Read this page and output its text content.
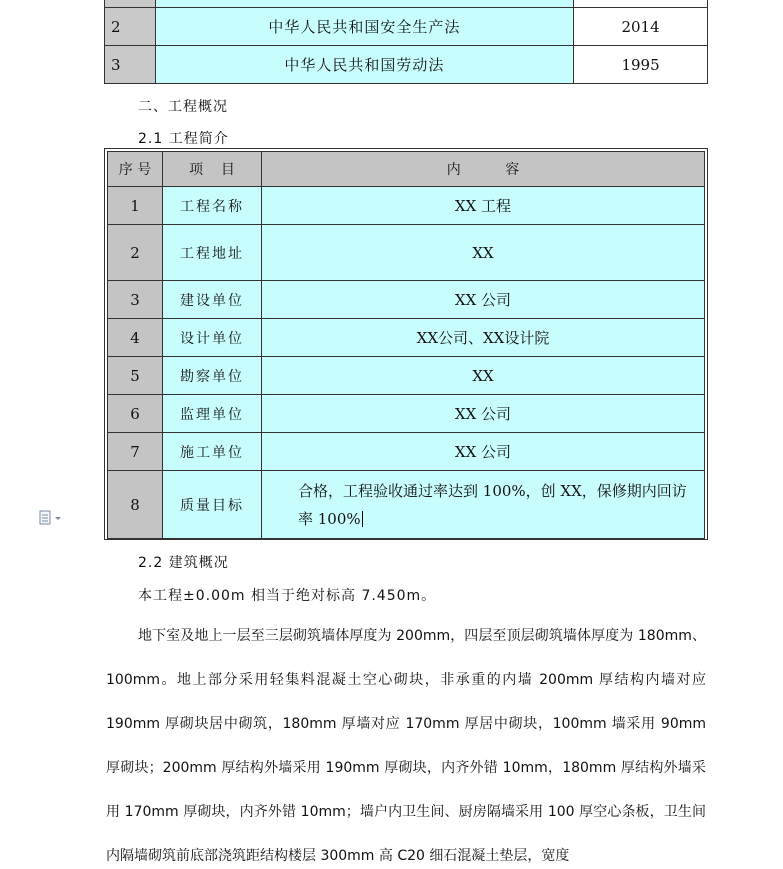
2	中华人民共和国安全生产法	2014
3	中华人民共和国劳动法	1995
二、工程概况
2.1 工程简介
序 号	项    目	内          容
1	工程名称	XX 工程
2	工程地址	XX
3	建设单位	XX 公司
4	设计单位	XX公司、XX设计院
5	勘察单位	XX
6	监理单位	XX 公司
7	施工单位	XX 公司
8	质量目标	合格，工程验收通过率达到 100%，创 XX，保修期内回访率 100%
2.2 建筑概况
本工程±0.00m 相当于绝对标高 7.450m。
地下室及地上一层至三层砌筑墙体厚度为 200mm，四层至顶层砌筑墙体厚度为 180mm、100mm。地上部分采用轻集料混凝土空心砌块，非承重的内墙 200mm 厚结构内墙对应 190mm 厚砌块居中砌筑，180mm 厚墙对应 170mm 厚居中砌块，100mm 墙采用 90mm 厚砌块；200mm 厚结构外墙采用 190mm 厚砌块，内齐外错 10mm，180mm 厚结构外墙采用 170mm 厚砌块，内齐外错 10mm；墙户内卫生间、厨房隔墙采用 100 厚空心条板，卫生间内隔墙砌筑前底部浇筑距结构楼层 300mm 高 C20 细石混凝土垫层，宽度
